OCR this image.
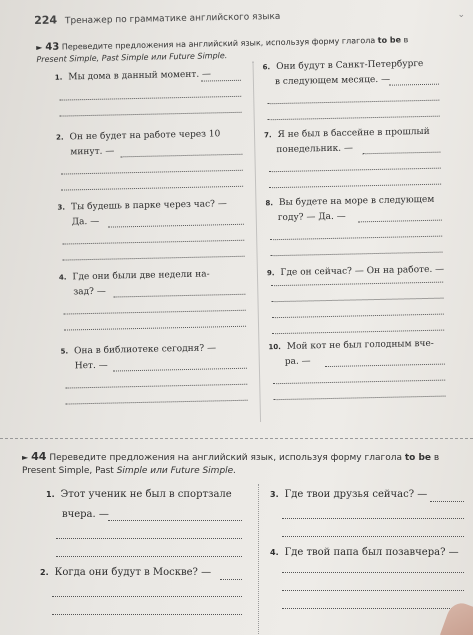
224 Тренажер по грамматике английского языка	⌄
► 43 Переведите предложения на английский язык, используя форму глагола to be в Present Simple, Past Simple или Future Simple.
1. Мы дома в данный момент. —
2. Он не будет на работе через 10
минут. —
3. Ты будешь в парке через час? —
Да. —
4. Где они были две недели на-
зад? —
5. Она в библиотеке сегодня? —
Нет. —
6. Они будут в Санкт-Петербурге
в следующем месяце. —
7. Я не был в бассейне в прошлый
понедельник. —
8. Вы будете на море в следующем
году? — Да. —
9. Где он сейчас? — Он на работе. —
10. Мой кот не был голодным вче-
ра. —
► 44 Переведите предложения на английский язык, используя форму глагола to be в Present Simple, Past Simple или Future Simple.
1. Этот ученик не был в спортзале
вчера. —
2. Когда они будут в Москве? —
3. Где твои друзья сейчас? —
4. Где твой папа был позавчера? —
